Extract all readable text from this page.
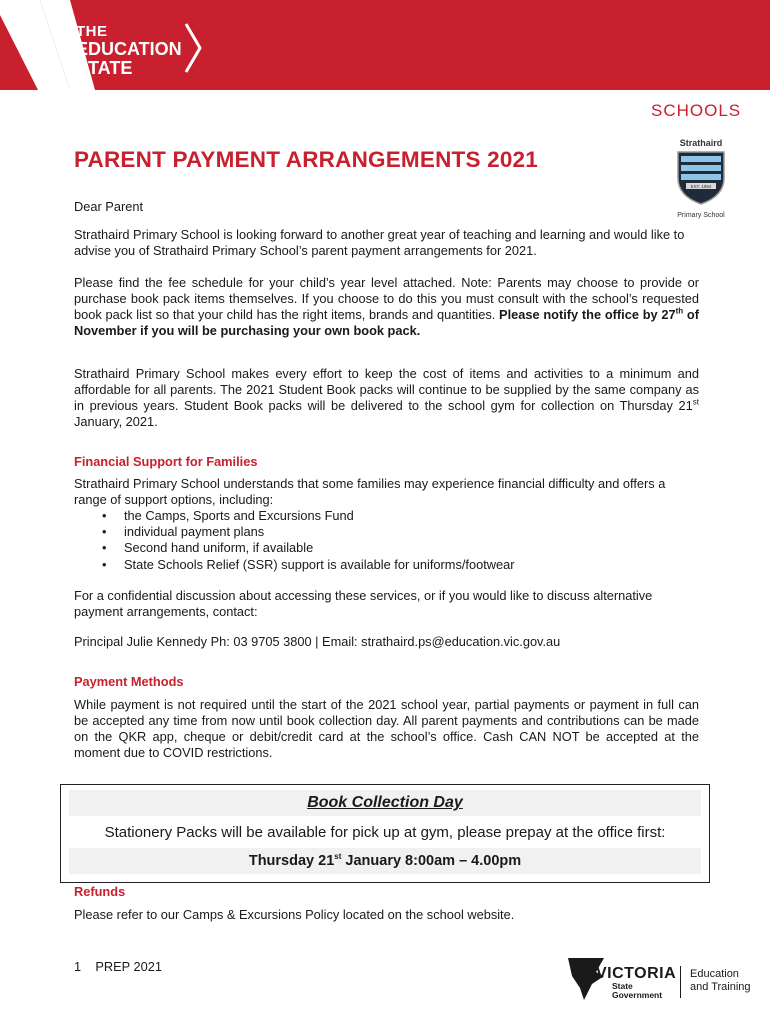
THE
EDUCATION
STATE
SCHOOLS
Strathaird
EST. 1984
Primary School
PARENT PAYMENT ARRANGEMENTS 2021
Dear Parent
Strathaird Primary School is looking forward to another great year of teaching and learning and would like to advise you of Strathaird Primary School’s parent payment arrangements for 2021.
Please find the fee schedule for your child’s year level attached. Note: Parents may choose to provide or purchase book pack items themselves. If you choose to do this you must consult with the school’s requested book pack list so that your child has the right items, brands and quantities. Please notify the office by 27th of November if you will be purchasing your own book pack.
Strathaird Primary School makes every effort to keep the cost of items and activities to a minimum and affordable for all parents. The 2021 Student Book packs will continue to be supplied by the same company as in previous years. Student Book packs will be delivered to the school gym for collection on Thursday 21st January, 2021.
Financial Support for Families
Strathaird Primary School understands that some families may experience financial difficulty and offers a range of support options, including:
• the Camps, Sports and Excursions Fund
• individual payment plans
• Second hand uniform, if available
• State Schools Relief (SSR) support is available for uniforms/footwear
For a confidential discussion about accessing these services, or if you would like to discuss alternative payment arrangements, contact:
Principal Julie Kennedy Ph: 03 9705 3800 | Email: strathaird.ps@education.vic.gov.au
Payment Methods
While payment is not required until the start of the 2021 school year, partial payments or payment in full can be accepted any time from now until book collection day. All parent payments and contributions can be made on the QKR app, cheque or debit/credit card at the school’s office. Cash CAN NOT be accepted at the moment due to COVID restrictions.
Book Collection Day
Stationery Packs will be available for pick up at gym, please prepay at the office first:
Thursday 21st January 8:00am – 4.00pm
Refunds
Please refer to our Camps & Excursions Policy located on the school website.
1    PREP 2021	VICTORIA
State
Government
Education
and Training
